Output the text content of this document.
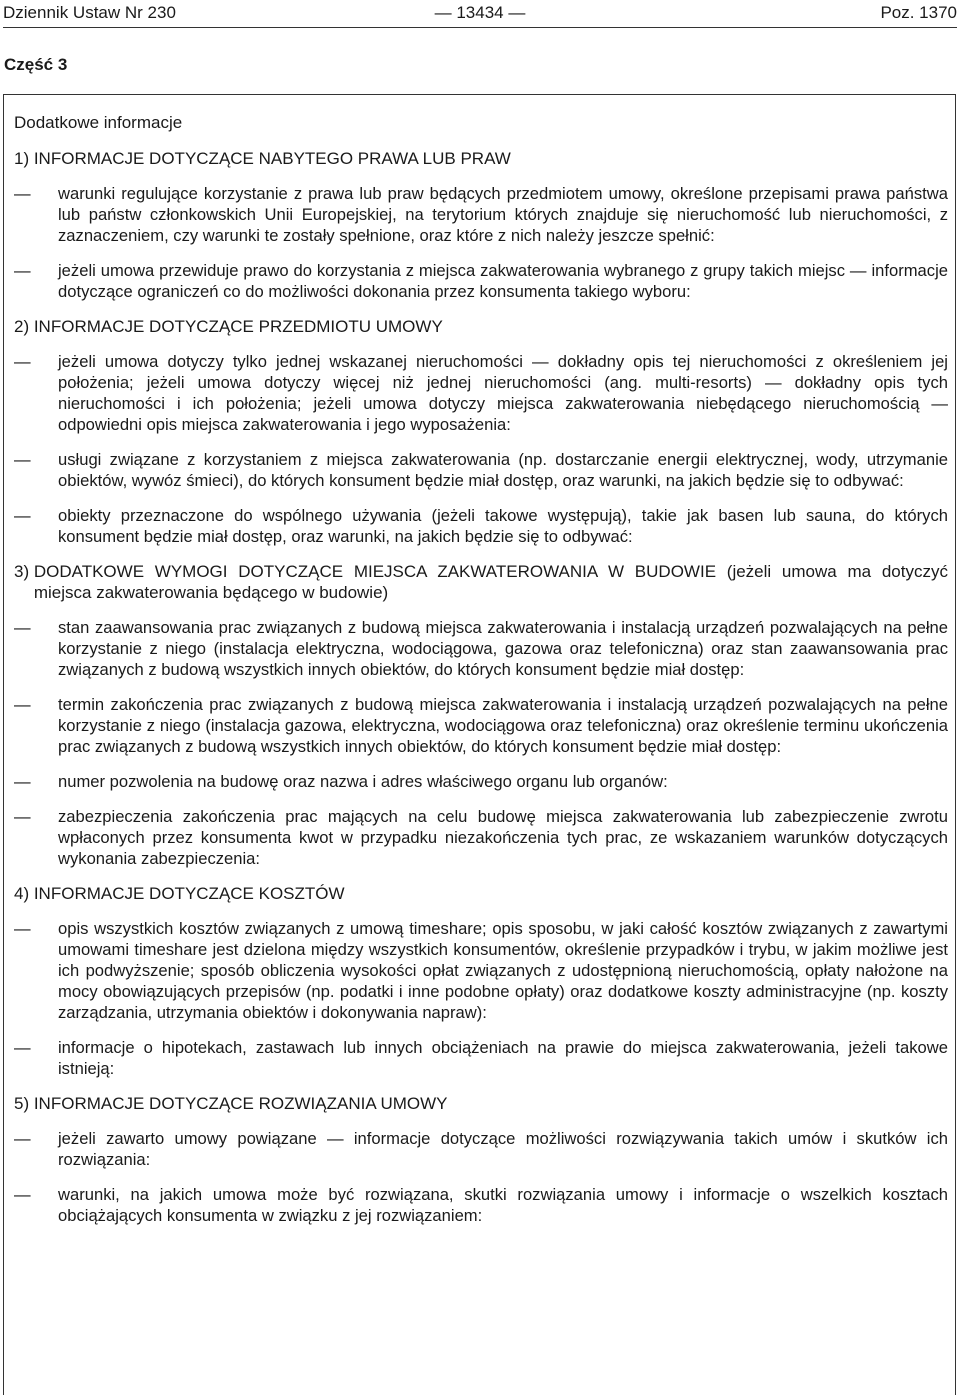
Dziennik Ustaw Nr 230	— 13434 —	Poz. 1370
Część 3

Dodatkowe informacje

1) INFORMACJE DOTYCZĄCE NABYTEGO PRAWA LUB PRAW

—	warunki regulujące korzystanie z prawa lub praw będących przedmiotem umowy, określone przepisami prawa państwa lub państw członkowskich Unii Europejskiej, na terytorium których znajduje się nieruchomość lub nieruchomości, z zaznaczeniem, czy warunki te zostały spełnione, oraz które z nich należy jeszcze spełnić:
—	jeżeli umowa przewiduje prawo do korzystania z miejsca zakwaterowania wybranego z grupy takich miejsc — informacje dotyczące ograniczeń co do możliwości dokonania przez konsumenta takiego wyboru:

2) INFORMACJE DOTYCZĄCE PRZEDMIOTU UMOWY

—	jeżeli umowa dotyczy tylko jednej wskazanej nieruchomości — dokładny opis tej nieruchomości z określeniem jej położenia; jeżeli umowa dotyczy więcej niż jednej nieruchomości (ang. multi-resorts) — dokładny opis tych nieruchomości i ich położenia; jeżeli umowa dotyczy miejsca zakwaterowania niebędącego nieruchomością — odpowiedni opis miejsca zakwaterowania i jego wyposażenia:
—	usługi związane z korzystaniem z miejsca zakwaterowania (np. dostarczanie energii elektrycznej, wody, utrzymanie obiektów, wywóz śmieci), do których konsument będzie miał dostęp, oraz warunki, na jakich będzie się to odbywać:
—	obiekty przeznaczone do wspólnego używania (jeżeli takowe występują), takie jak basen lub sauna, do których konsument będzie miał dostęp, oraz warunki, na jakich będzie się to odbywać:
3) DODATKOWE WYMOGI DOTYCZĄCE MIEJSCA ZAKWATEROWANIA W BUDOWIE (jeżeli umowa ma dotyczyć miejsca zakwaterowania będącego w budowie)
—	stan zaawansowania prac związanych z budową miejsca zakwaterowania i instalacją urządzeń pozwalających na pełne korzystanie z niego (instalacja elektryczna, wodociągowa, gazowa oraz telefoniczna) oraz stan zaawansowania prac związanych z budową wszystkich innych obiektów, do których konsument będzie miał dostęp:
—	termin zakończenia prac związanych z budową miejsca zakwaterowania i instalacją urządzeń pozwalających na pełne korzystanie z niego (instalacja gazowa, elektryczna, wodociągowa oraz telefoniczna) oraz określenie terminu ukończenia prac związanych z budową wszystkich innych obiektów, do których konsument będzie miał dostęp:
—	numer pozwolenia na budowę oraz nazwa i adres właściwego organu lub organów:
—	zabezpieczenia zakończenia prac mających na celu budowę miejsca zakwaterowania lub zabezpieczenie zwrotu wpłaconych przez konsumenta kwot w przypadku niezakończenia tych prac, ze wskazaniem warunków dotyczących wykonania zabezpieczenia:

4) INFORMACJE DOTYCZĄCE KOSZTÓW

—	opis wszystkich kosztów związanych z umową timeshare; opis sposobu, w jaki całość kosztów związanych z zawartymi umowami timeshare jest dzielona między wszystkich konsumentów, określenie przypadków i trybu, w jakim możliwe jest ich podwyższenie; sposób obliczenia wysokości opłat związanych z udostępnioną nieruchomością, opłaty nałożone na mocy obowiązujących przepisów (np. podatki i inne podobne opłaty) oraz dodatkowe koszty administracyjne (np. koszty zarządzania, utrzymania obiektów i dokonywania napraw):
—	informacje o hipotekach, zastawach lub innych obciążeniach na prawie do miejsca zakwaterowania, jeżeli takowe istnieją:

5) INFORMACJE DOTYCZĄCE ROZWIĄZANIA UMOWY

—	jeżeli zawarto umowy powiązane — informacje dotyczące możliwości rozwiązywania takich umów i skutków ich rozwiązania:
—	warunki, na jakich umowa może być rozwiązana, skutki rozwiązania umowy i informacje o wszelkich kosztach obciążających konsumenta w związku z jej rozwiązaniem:
